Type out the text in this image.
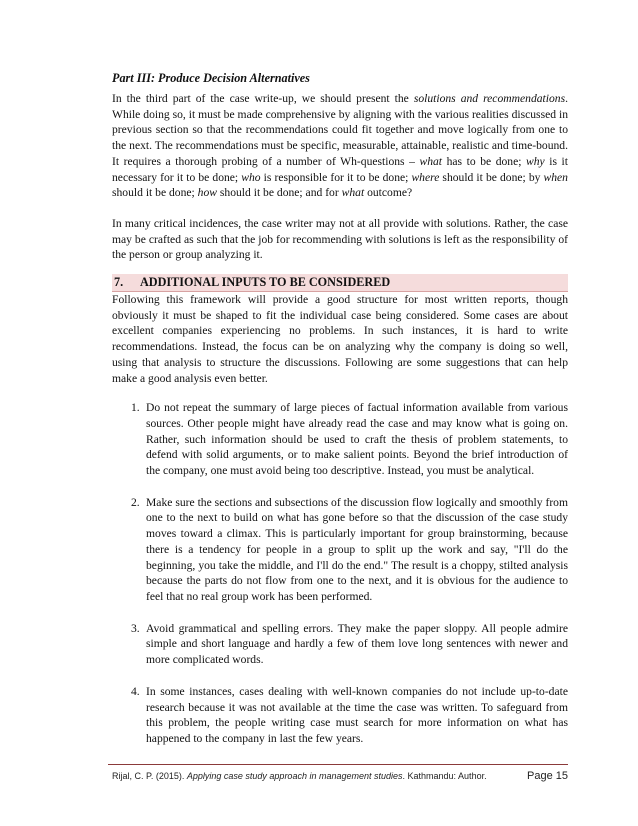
Part III: Produce Decision Alternatives

In the third part of the case write-up, we should present the solutions and recommendations. While doing so, it must be made comprehensive by aligning with the various realities discussed in previous section so that the recommendations could fit together and move logically from one to the next. The recommendations must be specific, measurable, attainable, realistic and time-bound. It requires a thorough probing of a number of Wh-questions – what has to be done; why is it necessary for it to be done; who is responsible for it to be done; where should it be done; by when should it be done; how should it be done; and for what outcome?

In many critical incidences, the case writer may not at all provide with solutions. Rather, the case may be crafted as such that the job for recommending with solutions is left as the responsibility of the person or group analyzing it.

7. ADDITIONAL INPUTS TO BE CONSIDERED

Following this framework will provide a good structure for most written reports, though obviously it must be shaped to fit the individual case being considered. Some cases are about excellent companies experiencing no problems. In such instances, it is hard to write recommendations. Instead, the focus can be on analyzing why the company is doing so well, using that analysis to structure the discussions. Following are some suggestions that can help make a good analysis even better.

1. Do not repeat the summary of large pieces of factual information available from various sources. Other people might have already read the case and may know what is going on. Rather, such information should be used to craft the thesis of problem statements, to defend with solid arguments, or to make salient points. Beyond the brief introduction of the company, one must avoid being too descriptive. Instead, you must be analytical.
2. Make sure the sections and subsections of the discussion flow logically and smoothly from one to the next to build on what has gone before so that the discussion of the case study moves toward a climax. This is particularly important for group brainstorming, because there is a tendency for people in a group to split up the work and say, "I'll do the beginning, you take the middle, and I'll do the end." The result is a choppy, stilted analysis because the parts do not flow from one to the next, and it is obvious for the audience to feel that no real group work has been performed.
3. Avoid grammatical and spelling errors. They make the paper sloppy. All people admire simple and short language and hardly a few of them love long sentences with newer and more complicated words.
4. In some instances, cases dealing with well-known companies do not include up-to-date research because it was not available at the time the case was written. To safeguard from this problem, the people writing case must search for more information on what has happened to the company in last the few years.
Rijal, C. P. (2015). Applying case study approach in management studies. Kathmandu: Author.	Page 15
